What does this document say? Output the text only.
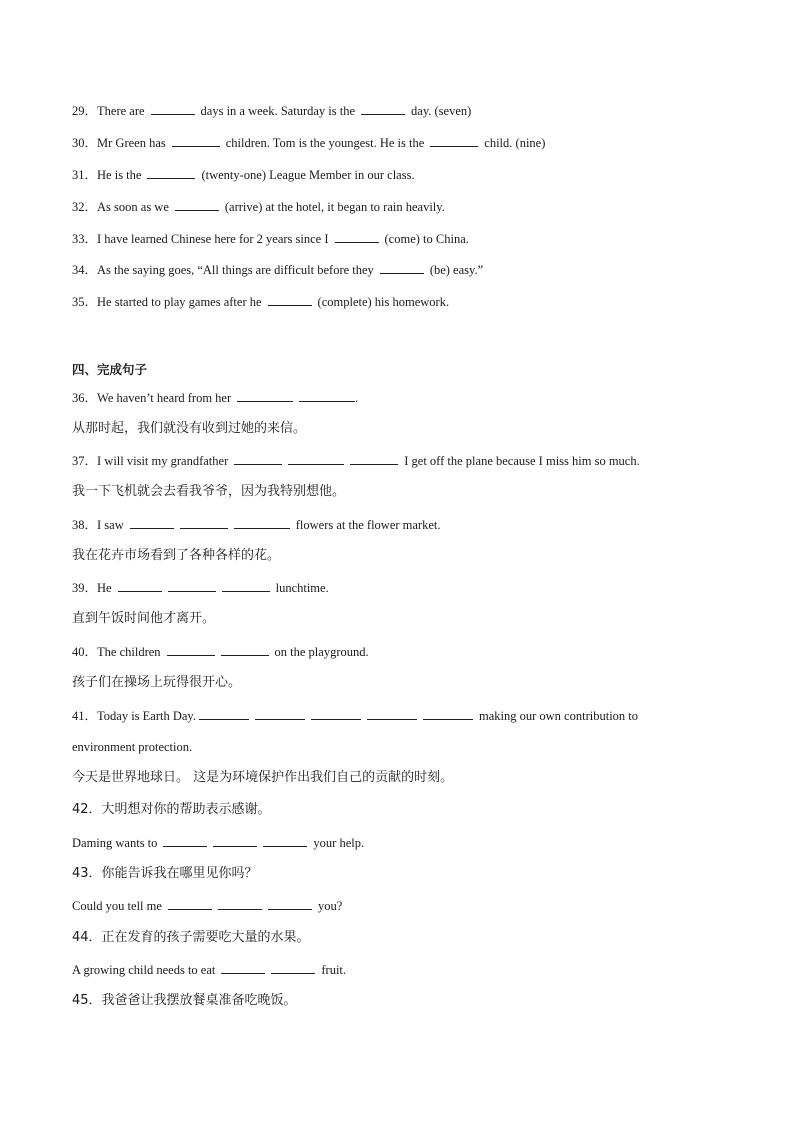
29．There are	days in a week. Saturday is the	day. (seven)
30．Mr Green has	children. Tom is the youngest. He is the	child. (nine)
31．He is the	(twenty-one) League Member in our class.
32．As soon as we	(arrive) at the hotel, it began to rain heavily.
33．I have learned Chinese here for 2 years since I	(come) to China.
34．As the saying goes, “All things are difficult before they	(be) easy.”
35．He started to play games after he	(complete) his homework.
四、完成句子
36．We haven’t heard from her	.
从那时起，我们就没有收到过她的来信。
37．I will visit my grandfather	I get off the plane because I miss him so much.
我一下飞机就会去看我爷爷，因为我特别想他。
38．I saw	flowers at the flower market.
我在花卉市场看到了各种各样的花。
39．He	lunchtime.
直到午饭时间他才离开。
40．The children	on the playground.
孩子们在操场上玩得很开心。
41．Today is Earth Day.	making our own contribution to
environment protection.
今天是世界地球日。 这是为环境保护作出我们自己的贡献的时刻。
42．大明想对你的帮助表示感谢。
Daming wants to	your help.
43．你能告诉我在哪里见你吗？
Could you tell me	you?
44．正在发育的孩子需要吃大量的水果。
A growing child needs to eat	fruit.
45．我爸爸让我摆放餐桌准备吃晚饭。
